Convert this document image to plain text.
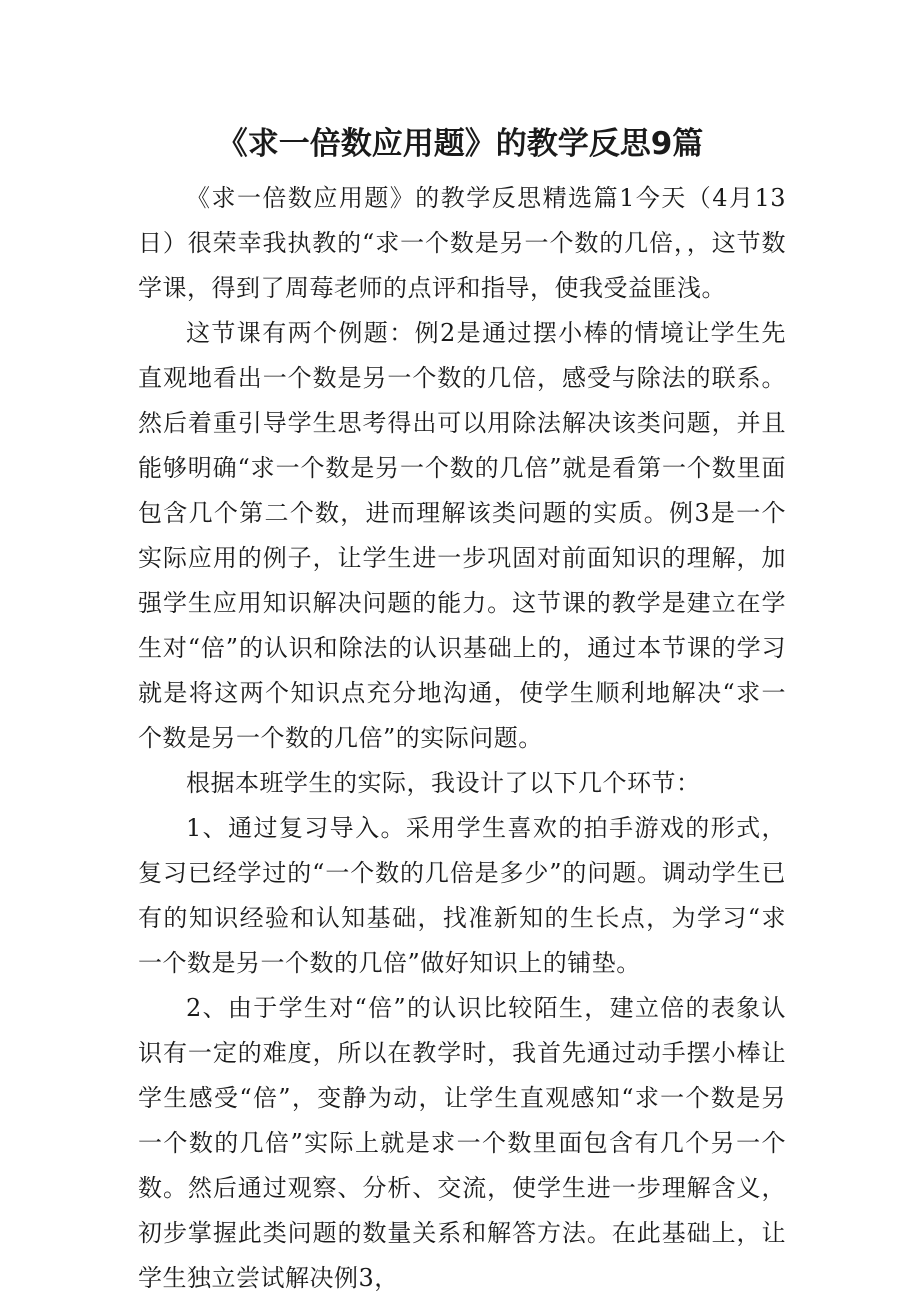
《求一倍数应用题》的教学反思9篇

《求一倍数应用题》的教学反思精选篇1今天（4月13日）很荣幸我执教的“求一个数是另一个数的几倍，，这节数学课，得到了周莓老师的点评和指导，使我受益匪浅。

这节课有两个例题：例2是通过摆小棒的情境让学生先直观地看出一个数是另一个数的几倍，感受与除法的联系。然后着重引导学生思考得出可以用除法解决该类问题，并且能够明确“求一个数是另一个数的几倍”就是看第一个数里面包含几个第二个数，进而理解该类问题的实质。例3是一个实际应用的例子，让学生进一步巩固对前面知识的理解，加强学生应用知识解决问题的能力。这节课的教学是建立在学生对“倍”的认识和除法的认识基础上的，通过本节课的学习就是将这两个知识点充分地沟通，使学生顺利地解决“求一个数是另一个数的几倍”的实际问题。

根据本班学生的实际，我设计了以下几个环节：

1、通过复习导入。采用学生喜欢的拍手游戏的形式，复习已经学过的“一个数的几倍是多少”的问题。调动学生已有的知识经验和认知基础，找准新知的生长点，为学习“求一个数是另一个数的几倍”做好知识上的铺垫。

2、由于学生对“倍”的认识比较陌生，建立倍的表象认识有一定的难度，所以在教学时，我首先通过动手摆小棒让学生感受“倍”，变静为动，让学生直观感知“求一个数是另一个数的几倍”实际上就是求一个数里面包含有几个另一个数。然后通过观察、分析、交流，使学生进一步理解含义，初步掌握此类问题的数量关系和解答方法。在此基础上，让学生独立尝试解决例3，
